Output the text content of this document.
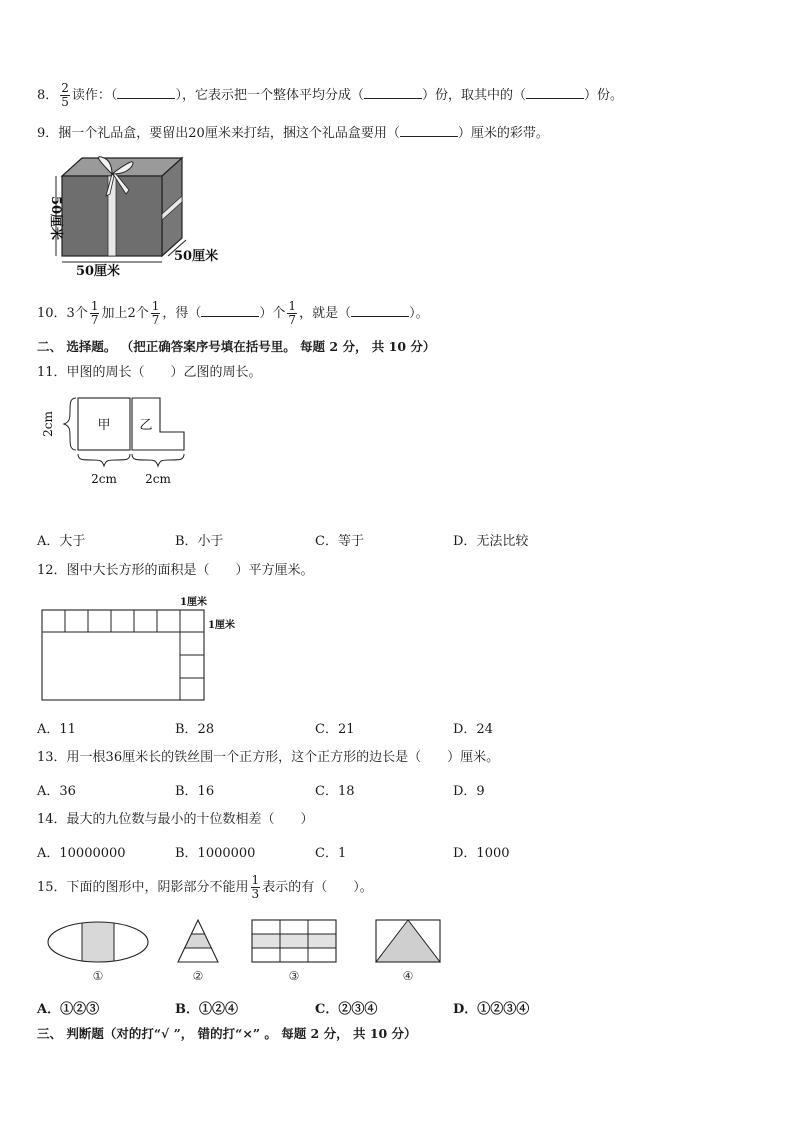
8． $\frac{2}{5}$ 读作：（	），它表示把一个整体平均分成（	）份，取其中的（	）份。
9．捆一个礼品盒，要留出20厘米来打结，捆这个礼品盒要用（	）厘米的彩带。
50厘米
50厘米
50厘米
10．3个 $\frac{1}{7}$ 加上2个 $\frac{1}{7}$ ，得（	）个 $\frac{1}{7}$ ，就是（	）。
二、 选择题。 （把正确答案序号填在括号里。 每题 2 分， 共 10 分）
11．甲图的周长（　　）乙图的周长。
2cm	甲 乙
2cm 2cm
A．大于	B．小于	C．等于	D．无法比较
12．图中大长方形的面积是（　　）平方厘米。
1厘米
1厘米
A．11	B．28	C．21	D．24
13．用一根36厘米长的铁丝围一个正方形，这个正方形的边长是（　　）厘米。
A．36	B．16	C．18	D．9
14．最大的九位数与最小的十位数相差（　　）
A．10000000	B．1000000	C．1	D．1000
15．下面的图形中，阴影部分不能用 $\frac{1}{3}$ 表示的有（　　）。
①	②	③	④
A．①②③	B．①②④	C．②③④	D．①②③④
三、 判断题（对的打“√ ”， 错的打“×” 。 每题 2 分， 共 10 分）
